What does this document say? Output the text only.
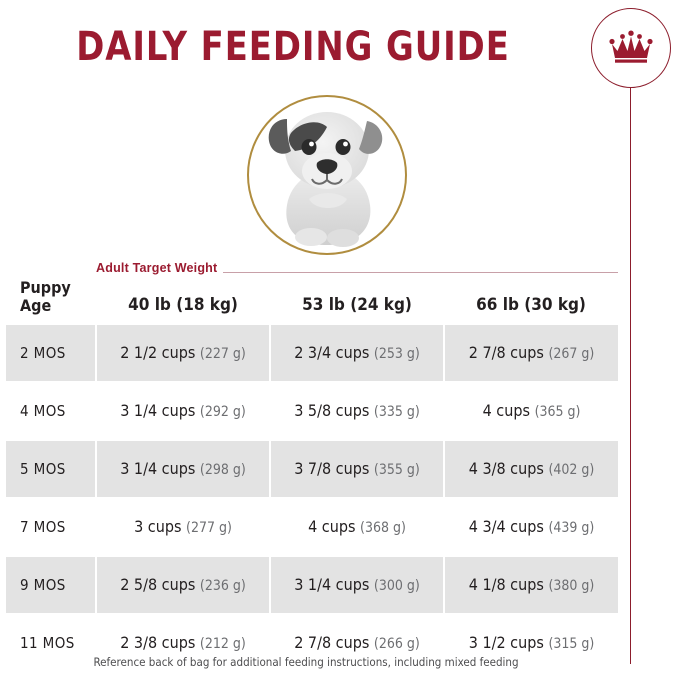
DAILY FEEDING GUIDE

Adult Target Weight		
Puppy
Age	40 lb (18 kg)	53 lb (24 kg)	66 lb (30 kg)
2 MOS	2 1/2 cups (227 g)	2 3/4 cups (253 g)	2 7/8 cups (267 g)
4 MOS	3 1/4 cups (292 g)	3 5/8 cups (335 g)	4 cups (365 g)
5 MOS	3 1/4 cups (298 g)	3 7/8 cups (355 g)	4 3/8 cups (402 g)
7 MOS	3 cups (277 g)	4 cups (368 g)	4 3/4 cups (439 g)
9 MOS	2 5/8 cups (236 g)	3 1/4 cups (300 g)	4 1/8 cups (380 g)
11 MOS	2 3/8 cups (212 g)	2 7/8 cups (266 g)	3 1/2 cups (315 g)
Reference back of bag for additional feeding instructions, including mixed feeding
